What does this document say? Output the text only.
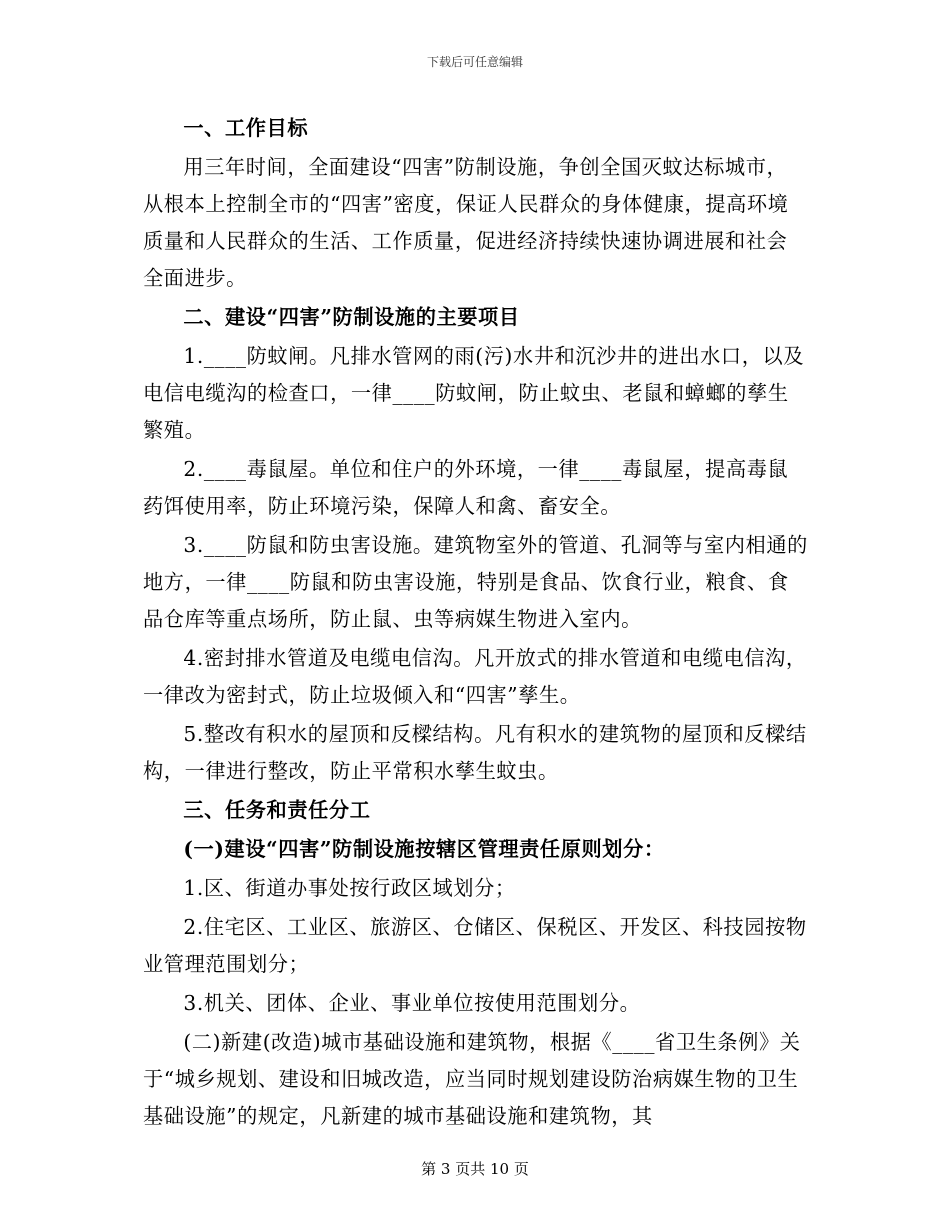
下载后可任意编辑

一、工作目标

用三年时间，全面建设“四害”防制设施，争创全国灭蚊达标城市，从根本上控制全市的“四害”密度，保证人民群众的身体健康，提高环境质量和人民群众的生活、工作质量，促进经济持续快速协调进展和社会全面进步。

二、建设“四害”防制设施的主要项目

1.____防蚊闸。凡排水管网的雨(污)水井和沉沙井的进出水口，以及电信电缆沟的检查口，一律____防蚊闸，防止蚊虫、老鼠和蟑螂的孳生繁殖。

2.____毒鼠屋。单位和住户的外环境，一律____毒鼠屋，提高毒鼠药饵使用率，防止环境污染，保障人和禽、畜安全。

3.____防鼠和防虫害设施。建筑物室外的管道、孔洞等与室内相通的地方，一律____防鼠和防虫害设施，特别是食品、饮食行业，粮食、食品仓库等重点场所，防止鼠、虫等病媒生物进入室内。

4.密封排水管道及电缆电信沟。凡开放式的排水管道和电缆电信沟，一律改为密封式，防止垃圾倾入和“四害”孳生。

5.整改有积水的屋顶和反樑结构。凡有积水的建筑物的屋顶和反樑结构，一律进行整改，防止平常积水孳生蚊虫。

三、任务和责任分工

(一)建设“四害”防制设施按辖区管理责任原则划分：

1.区、街道办事处按行政区域划分；

2.住宅区、工业区、旅游区、仓储区、保税区、开发区、科技园按物业管理范围划分；

3.机关、团体、企业、事业单位按使用范围划分。

(二)新建(改造)城市基础设施和建筑物，根据《____省卫生条例》关于“城乡规划、建设和旧城改造，应当同时规划建设防治病媒生物的卫生基础设施”的规定，凡新建的城市基础设施和建筑物，其

第 3 页共 10 页
